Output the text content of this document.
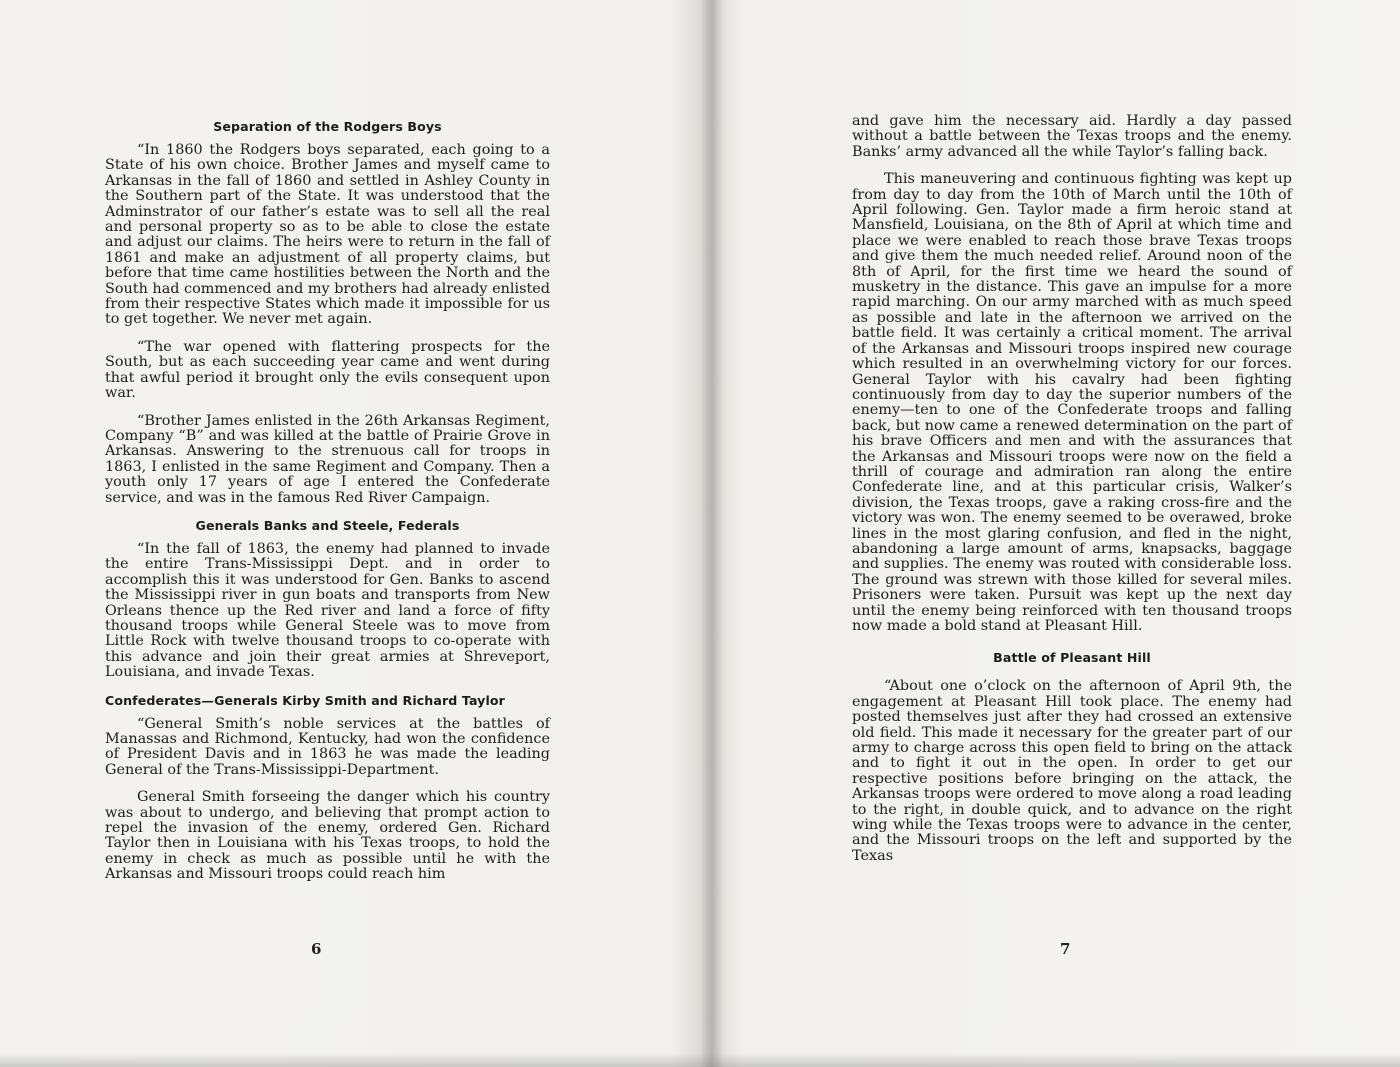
Separation of the Rodgers Boys

“In 1860 the Rodgers boys separated, each going to a State of his own choice. Brother James and myself came to Arkansas in the fall of 1860 and settled in Ashley County in the Southern part of the State. It was understood that the Adminstrator of our father’s estate was to sell all the real and personal property so as to be able to close the estate and adjust our claims. The heirs were to return in the fall of 1861 and make an adjustment of all property claims, but before that time came hostilities between the North and the South had commenced and my brothers had already enlisted from their respective States which made it impossible for us to get together. We never met again.

“The war opened with flattering prospects for the South, but as each succeeding year came and went during that awful period it brought only the evils consequent upon war.

“Brother James enlisted in the 26th Arkansas Regiment, Company “B” and was killed at the battle of Prairie Grove in Arkansas. Answering to the strenuous call for troops in 1863, I enlisted in the same Regiment and Company. Then a youth only 17 years of age I entered the Confederate service, and was in the famous Red River Campaign.

Generals Banks and Steele, Federals

“In the fall of 1863, the enemy had planned to invade the entire Trans-Mississippi Dept. and in order to accomplish this it was understood for Gen. Banks to ascend the Mississippi river in gun boats and transports from New Orleans thence up the Red river and land a force of fifty thousand troops while General Steele was to move from Little Rock with twelve thousand troops to co-operate with this advance and join their great armies at Shreveport, Louisiana, and invade Texas.

Confederates—Generals Kirby Smith and Richard Taylor

“General Smith’s noble services at the battles of Manassas and Richmond, Kentucky, had won the confidence of President Davis and in 1863 he was made the leading General of the Trans-Mississippi-Department.

General Smith forseeing the danger which his country was about to undergo, and believing that prompt action to repel the invasion of the enemy, ordered Gen. Richard Taylor then in Louisiana with his Texas troops, to hold the enemy in check as much as possible until he with the Arkansas and Missouri troops could reach him

6

and gave him the necessary aid. Hardly a day passed without a battle between the Texas troops and the enemy. Banks’ army advanced all the while Taylor’s falling back.

This maneuvering and continuous fighting was kept up from day to day from the 10th of March until the 10th of April following. Gen. Taylor made a firm heroic stand at Mansfield, Louisiana, on the 8th of April at which time and place we were enabled to reach those brave Texas troops and give them the much needed relief. Around noon of the 8th of April, for the first time we heard the sound of musketry in the distance. This gave an impulse for a more rapid marching. On our army marched with as much speed as possible and late in the afternoon we arrived on the battle field. It was certainly a critical moment. The arrival of the Arkansas and Missouri troops inspired new courage which resulted in an overwhelming victory for our forces. General Taylor with his cavalry had been fighting continuously from day to day the superior numbers of the enemy—ten to one of the Confederate troops and falling back, but now came a renewed determination on the part of his brave Officers and men and with the assurances that the Arkansas and Missouri troops were now on the field a thrill of courage and admiration ran along the entire Confederate line, and at this particular crisis, Walker’s division, the Texas troops, gave a raking cross-fire and the victory was won. The enemy seemed to be overawed, broke lines in the most glaring confusion, and fled in the night, abandoning a large amount of arms, knapsacks, baggage and supplies. The enemy was routed with considerable loss. The ground was strewn with those killed for several miles. Prisoners were taken. Pursuit was kept up the next day until the enemy being reinforced with ten thousand troops now made a bold stand at Pleasant Hill.

Battle of Pleasant Hill

“About one o’clock on the afternoon of April 9th, the engagement at Pleasant Hill took place. The enemy had posted themselves just after they had crossed an extensive old field. This made it necessary for the greater part of our army to charge across this open field to bring on the attack and to fight it out in the open. In order to get our respective positions before bringing on the attack, the Arkansas troops were ordered to move along a road leading to the right, in double quick, and to advance on the right wing while the Texas troops were to advance in the center, and the Missouri troops on the left and supported by the Texas

7
